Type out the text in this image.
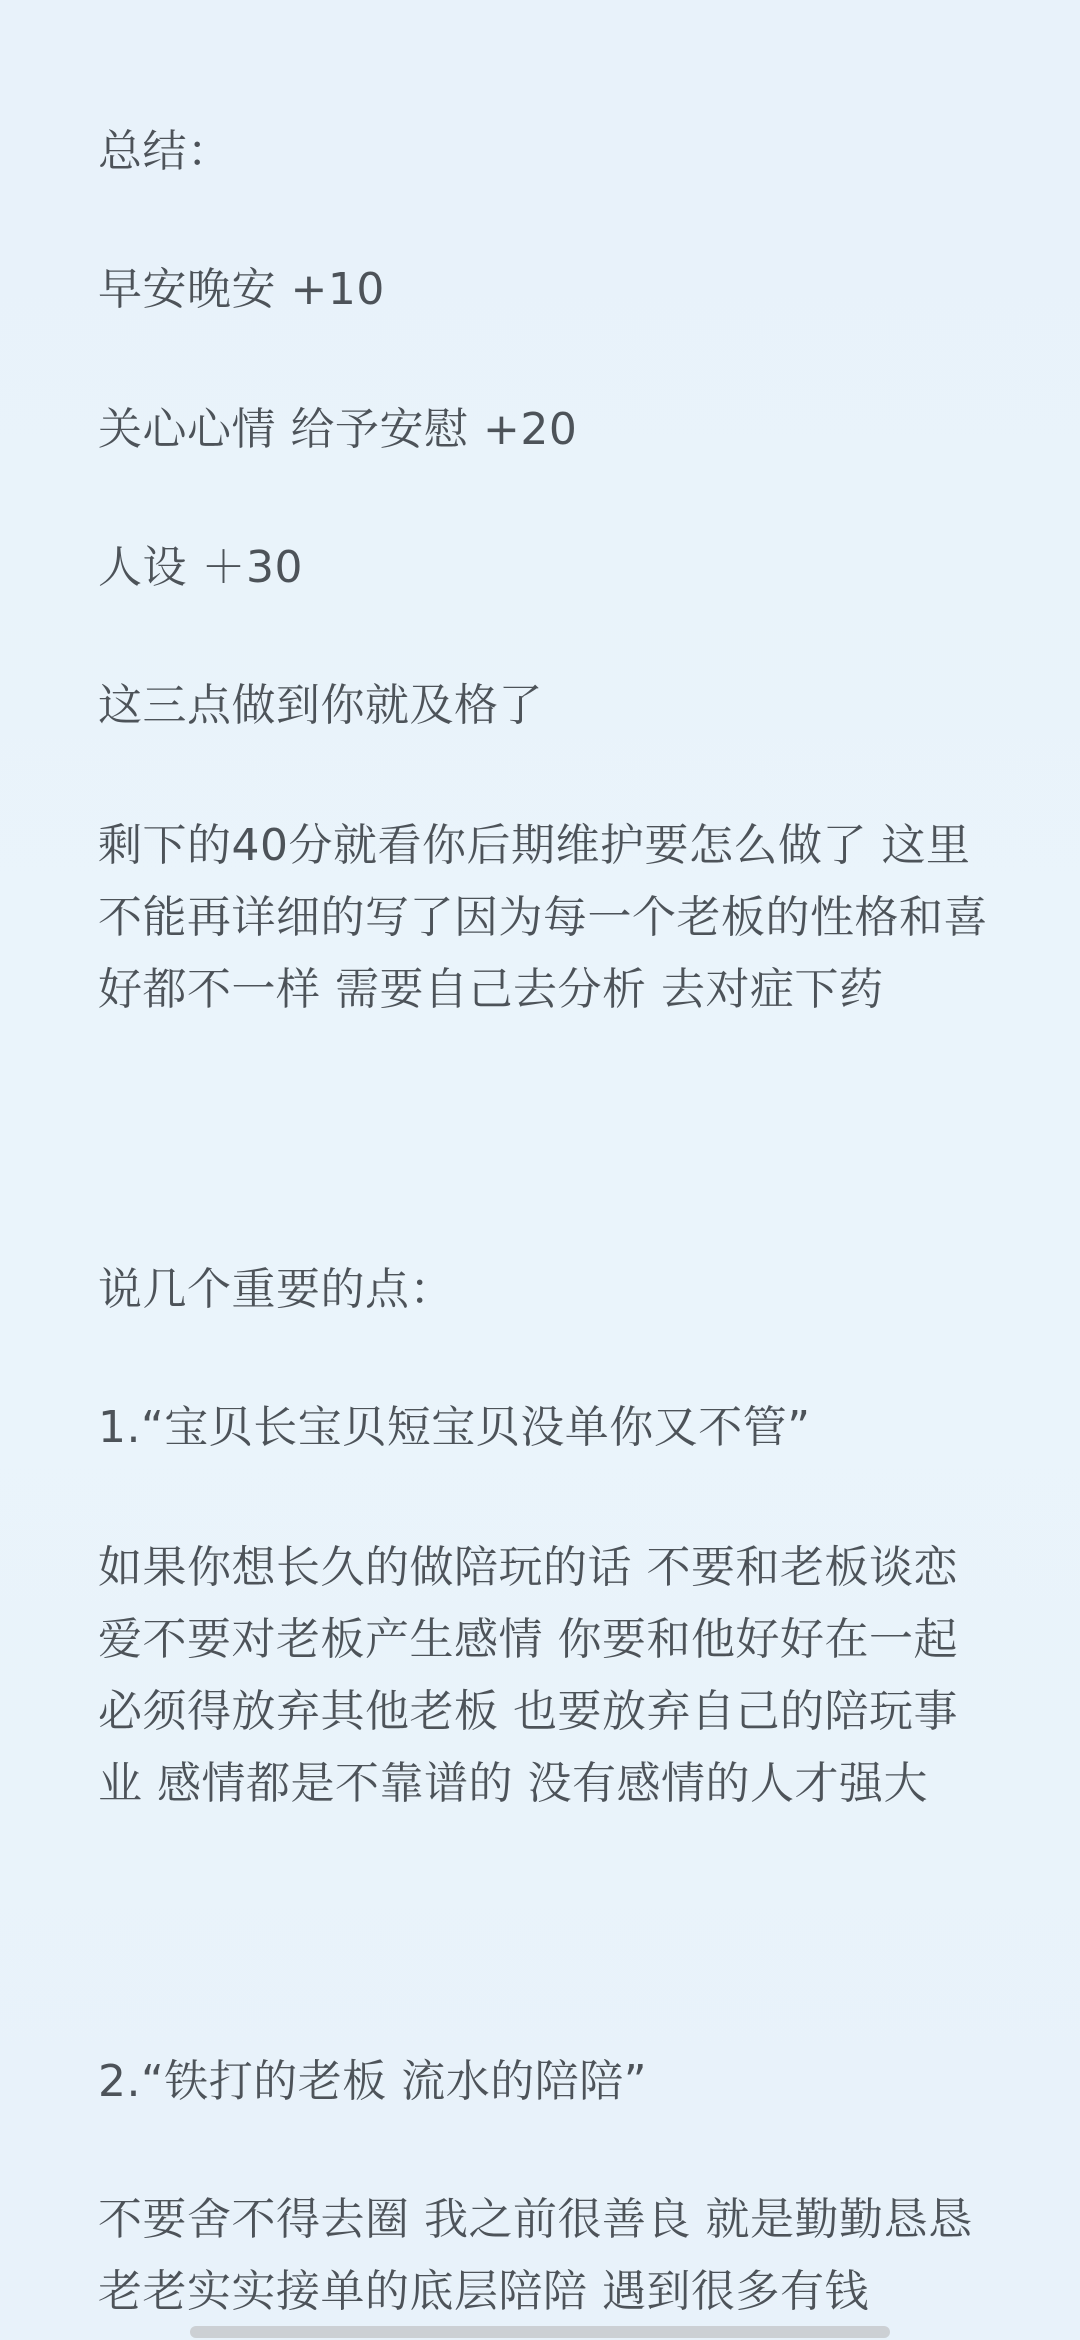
总结：
早安晚安 +10
关心心情 给予安慰 +20
人设 ＋30
这三点做到你就及格了
剩下的40分就看你后期维护要怎么做了 这里不能再详细的写了因为每一个老板的性格和喜好都不一样 需要自己去分析 去对症下药
说几个重要的点：
1.“宝贝长宝贝短宝贝没单你又不管”
如果你想长久的做陪玩的话 不要和老板谈恋爱不要对老板产生感情 你要和他好好在一起 必须得放弃其他老板 也要放弃自己的陪玩事业 感情都是不靠谱的 没有感情的人才强大
2.“铁打的老板 流水的陪陪”
不要舍不得去圈 我之前很善良 就是勤勤恳恳老老实实接单的底层陪陪 遇到很多有钱
